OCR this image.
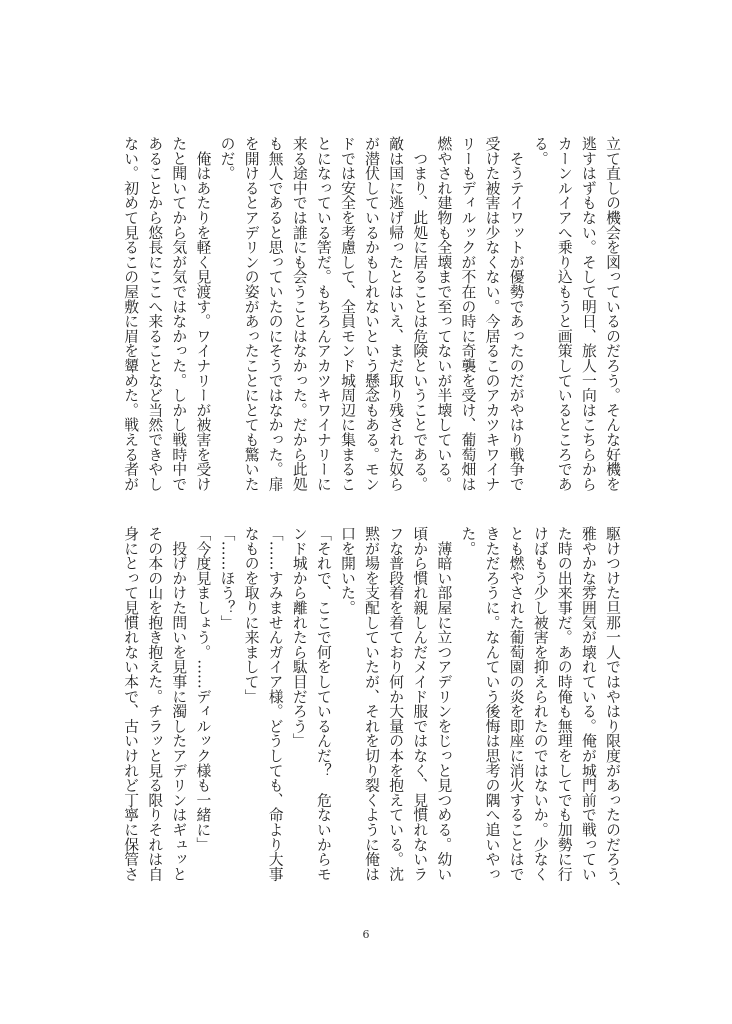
立て直しの機会を図っているのだろう。そんな好機を
逃すはずもない。そして明日、旅人一向はこちらから
カーンルイアへ乗り込もうと画策しているところであ
る。
　そうテイワットが優勢であったのだがやはり戦争で
受けた被害は少なくない。今居るこのアカツキワイナ
リーもディルックが不在の時に奇襲を受け、葡萄畑は
燃やされ建物も全壊まで至ってないが半壊している。
　つまり、此処に居ることは危険ということである。
敵は国に逃げ帰ったとはいえ、まだ取り残された奴ら
が潜伏しているかもしれないという懸念もある。モン
ドでは安全を考慮して、全員モンド城周辺に集まるこ
とになっている筈だ。もちろんアカツキワイナリーに
来る途中では誰にも会うことはなかった。だから此処
も無人であると思っていたのにそうではなかった。扉
を開けるとアデリンの姿があったことにとても驚いた
のだ。
　俺はあたりを軽く見渡す。ワイナリーが被害を受け
たと聞いてから気が気ではなかった。しかし戦時中で
あることから悠長にここへ来ることなど当然できやし
ない。初めて見るこの屋敷に眉を顰めた。戦える者が
駆けつけた旦那一人ではやはり限度があったのだろう、
雅やかな雰囲気が壊れている。俺が城門前で戦ってい
た時の出来事だ。あの時俺も無理をしてでも加勢に行
けばもう少し被害を抑えられたのではないか。少なく
とも燃やされた葡萄園の炎を即座に消火することはで
きただろうに。なんていう後悔は思考の隅へ追いやっ
た。
　薄暗い部屋に立つアデリンをじっと見つめる。幼い
頃から慣れ親しんだメイド服ではなく、見慣れないラ
フな普段着を着ており何か大量の本を抱えている。沈
黙が場を支配していたが、それを切り裂くように俺は
口を開いた。
「それで、ここで何をしているんだ？　危ないからモ
ンド城から離れたら駄目だろう」
「……すみませんガイア様。どうしても、命より大事
なものを取りに来まして」
「……ほう？」
「今度見ましょう。……ディルック様も一緒に」
　投げかけた問いを見事に濁したアデリンはギュッと
その本の山を抱き抱えた。チラッと見る限りそれは自
身にとって見慣れない本で、古いけれど丁寧に保管さ
6
